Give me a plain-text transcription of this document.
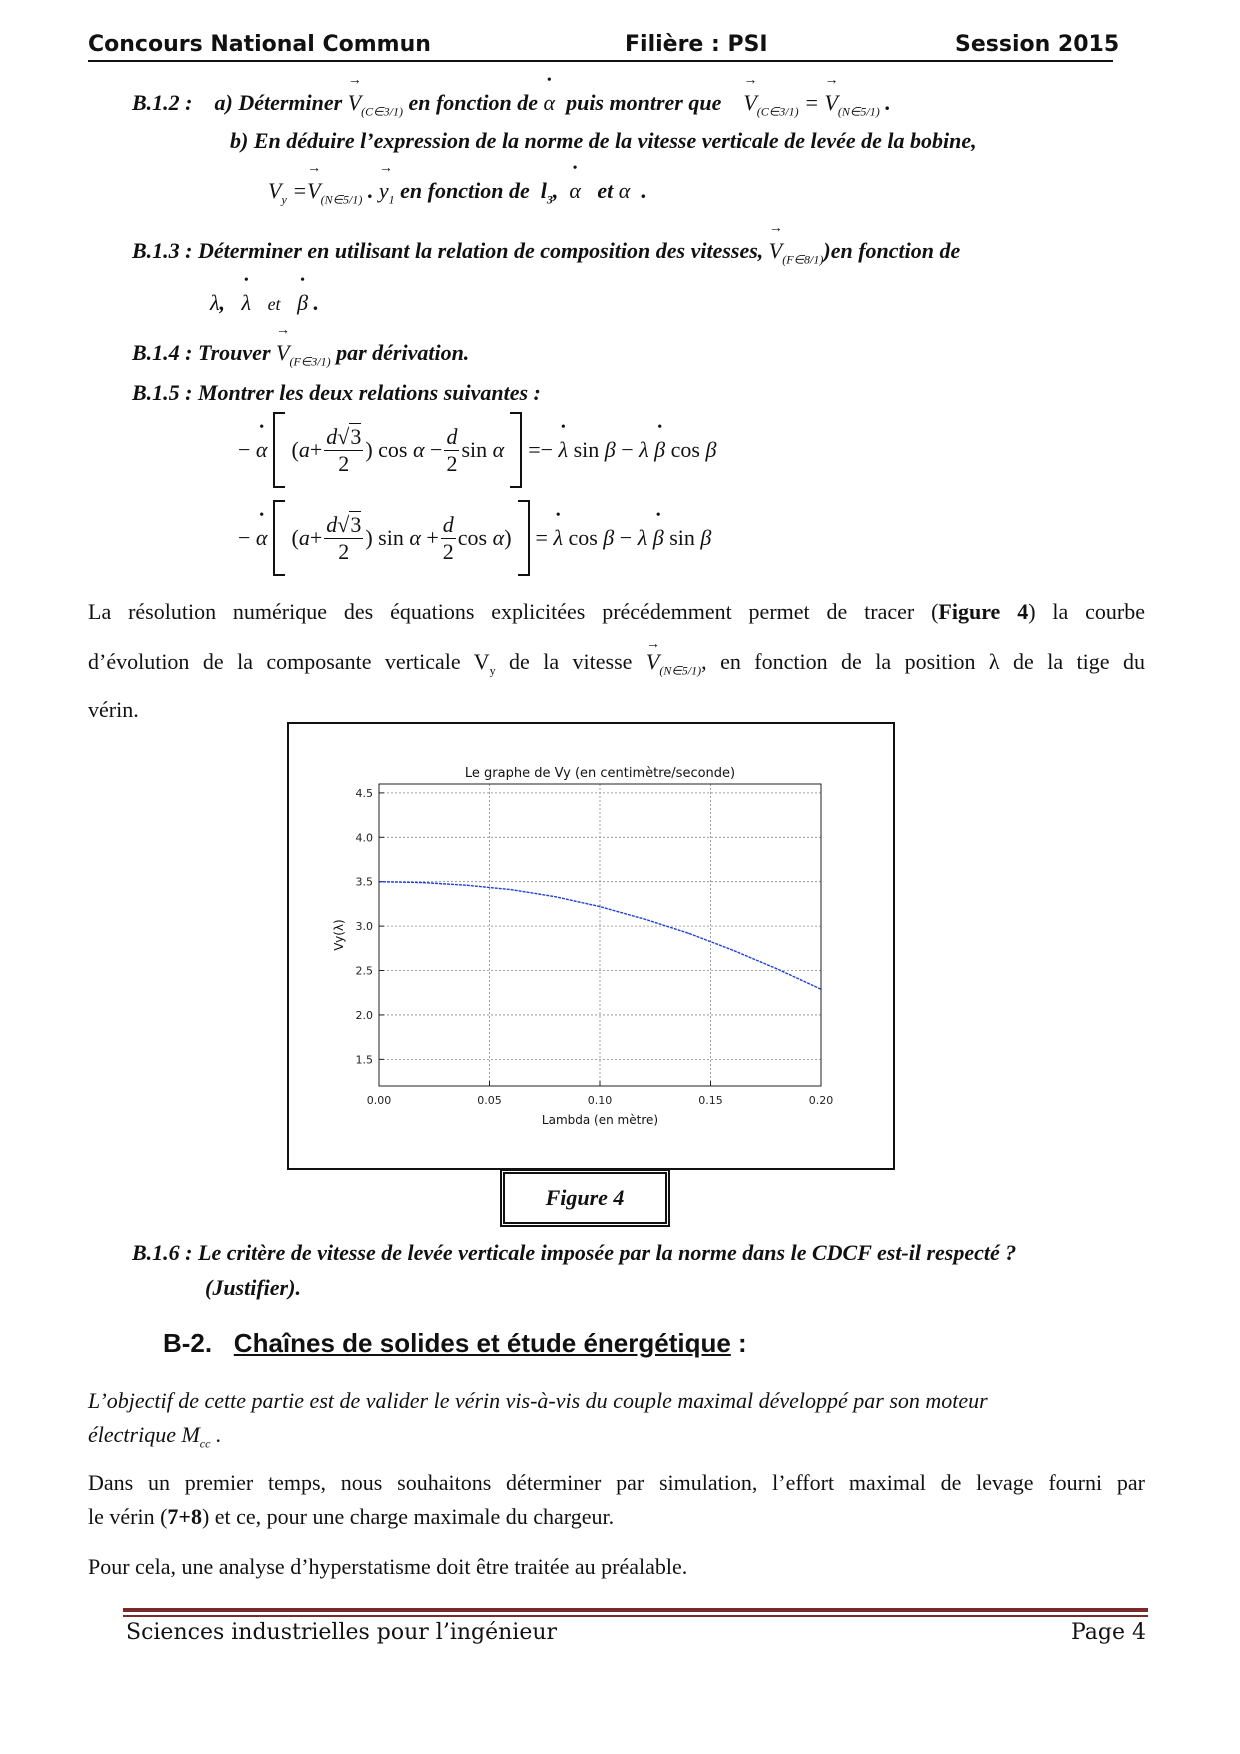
Concours National Commun	Filière : PSI	Session 2015
B.1.2 : a) Déterminer → $V_{(C\in 3/1)}$ en fonction de • α puis montrer que → $V_{(C\in 3/1)}$ = → $V_{(N\in 5/1)}$ .
b) En déduire l’expression de la norme de la vitesse verticale de levée de la bobine,
$V_y =\to V_{(N\in 5/1)}$ . → $y_1$ en fonction de  $l_3$,  • α et α  .
B.1.3 : Déterminer en utilisant la relation de composition des vitesses, → $V_{(F\in 8/1)})en$ fonction de
λ,   • λ et • β .
B.1.4 : Trouver → $V_{(F\in 3/1)}$ par dérivation.
B.1.5 : Montrer les deux relations suivantes :
−
• α ( $a + \frac{d√3}{2}$ ) $\cos \alpha - \frac{d}{2}$ sin α =−
• λ sin β − λ • β cos β
−
• α ( $a + \frac{d√3}{2}$ ) $\sin \alpha + \frac{d}{2}$ cos α ) =
• λ cos β − λ • β sin β
La résolution numérique des équations explicitées précédemment permet de tracer (Figure 4) la courbe
d’évolution de la composante verticale $V_y$ de la vitesse → $V_{(N\in 5/1)}$, en fonction de la position λ de la tige du
vérin.
1.5
2.0
2.5
3.0
3.5
4.0
4.5
0.00	0.05	0.10	0.15	0.20
Le graphe de Vy (en centimètre/seconde)
Lambda (en mètre)
Vy(λ)
Figure 4
B.1.6 : Le critère de vitesse de levée verticale imposée par la norme dans le CDCF est-il respecté ?
(Justifier).
B-2. Chaînes de solides et étude énergétique :
L’objectif de cette partie est de valider le vérin vis-à-vis du couple maximal développé par son moteur
électrique $M_{cc}$ .
Dans un premier temps, nous souhaitons déterminer par simulation, l’effort maximal de levage fourni par
le vérin (7+8) et ce, pour une charge maximale du chargeur.
Pour cela, une analyse d’hyperstatisme doit être traitée au préalable.
Sciences industrielles pour l’ingénieur	Page 4
